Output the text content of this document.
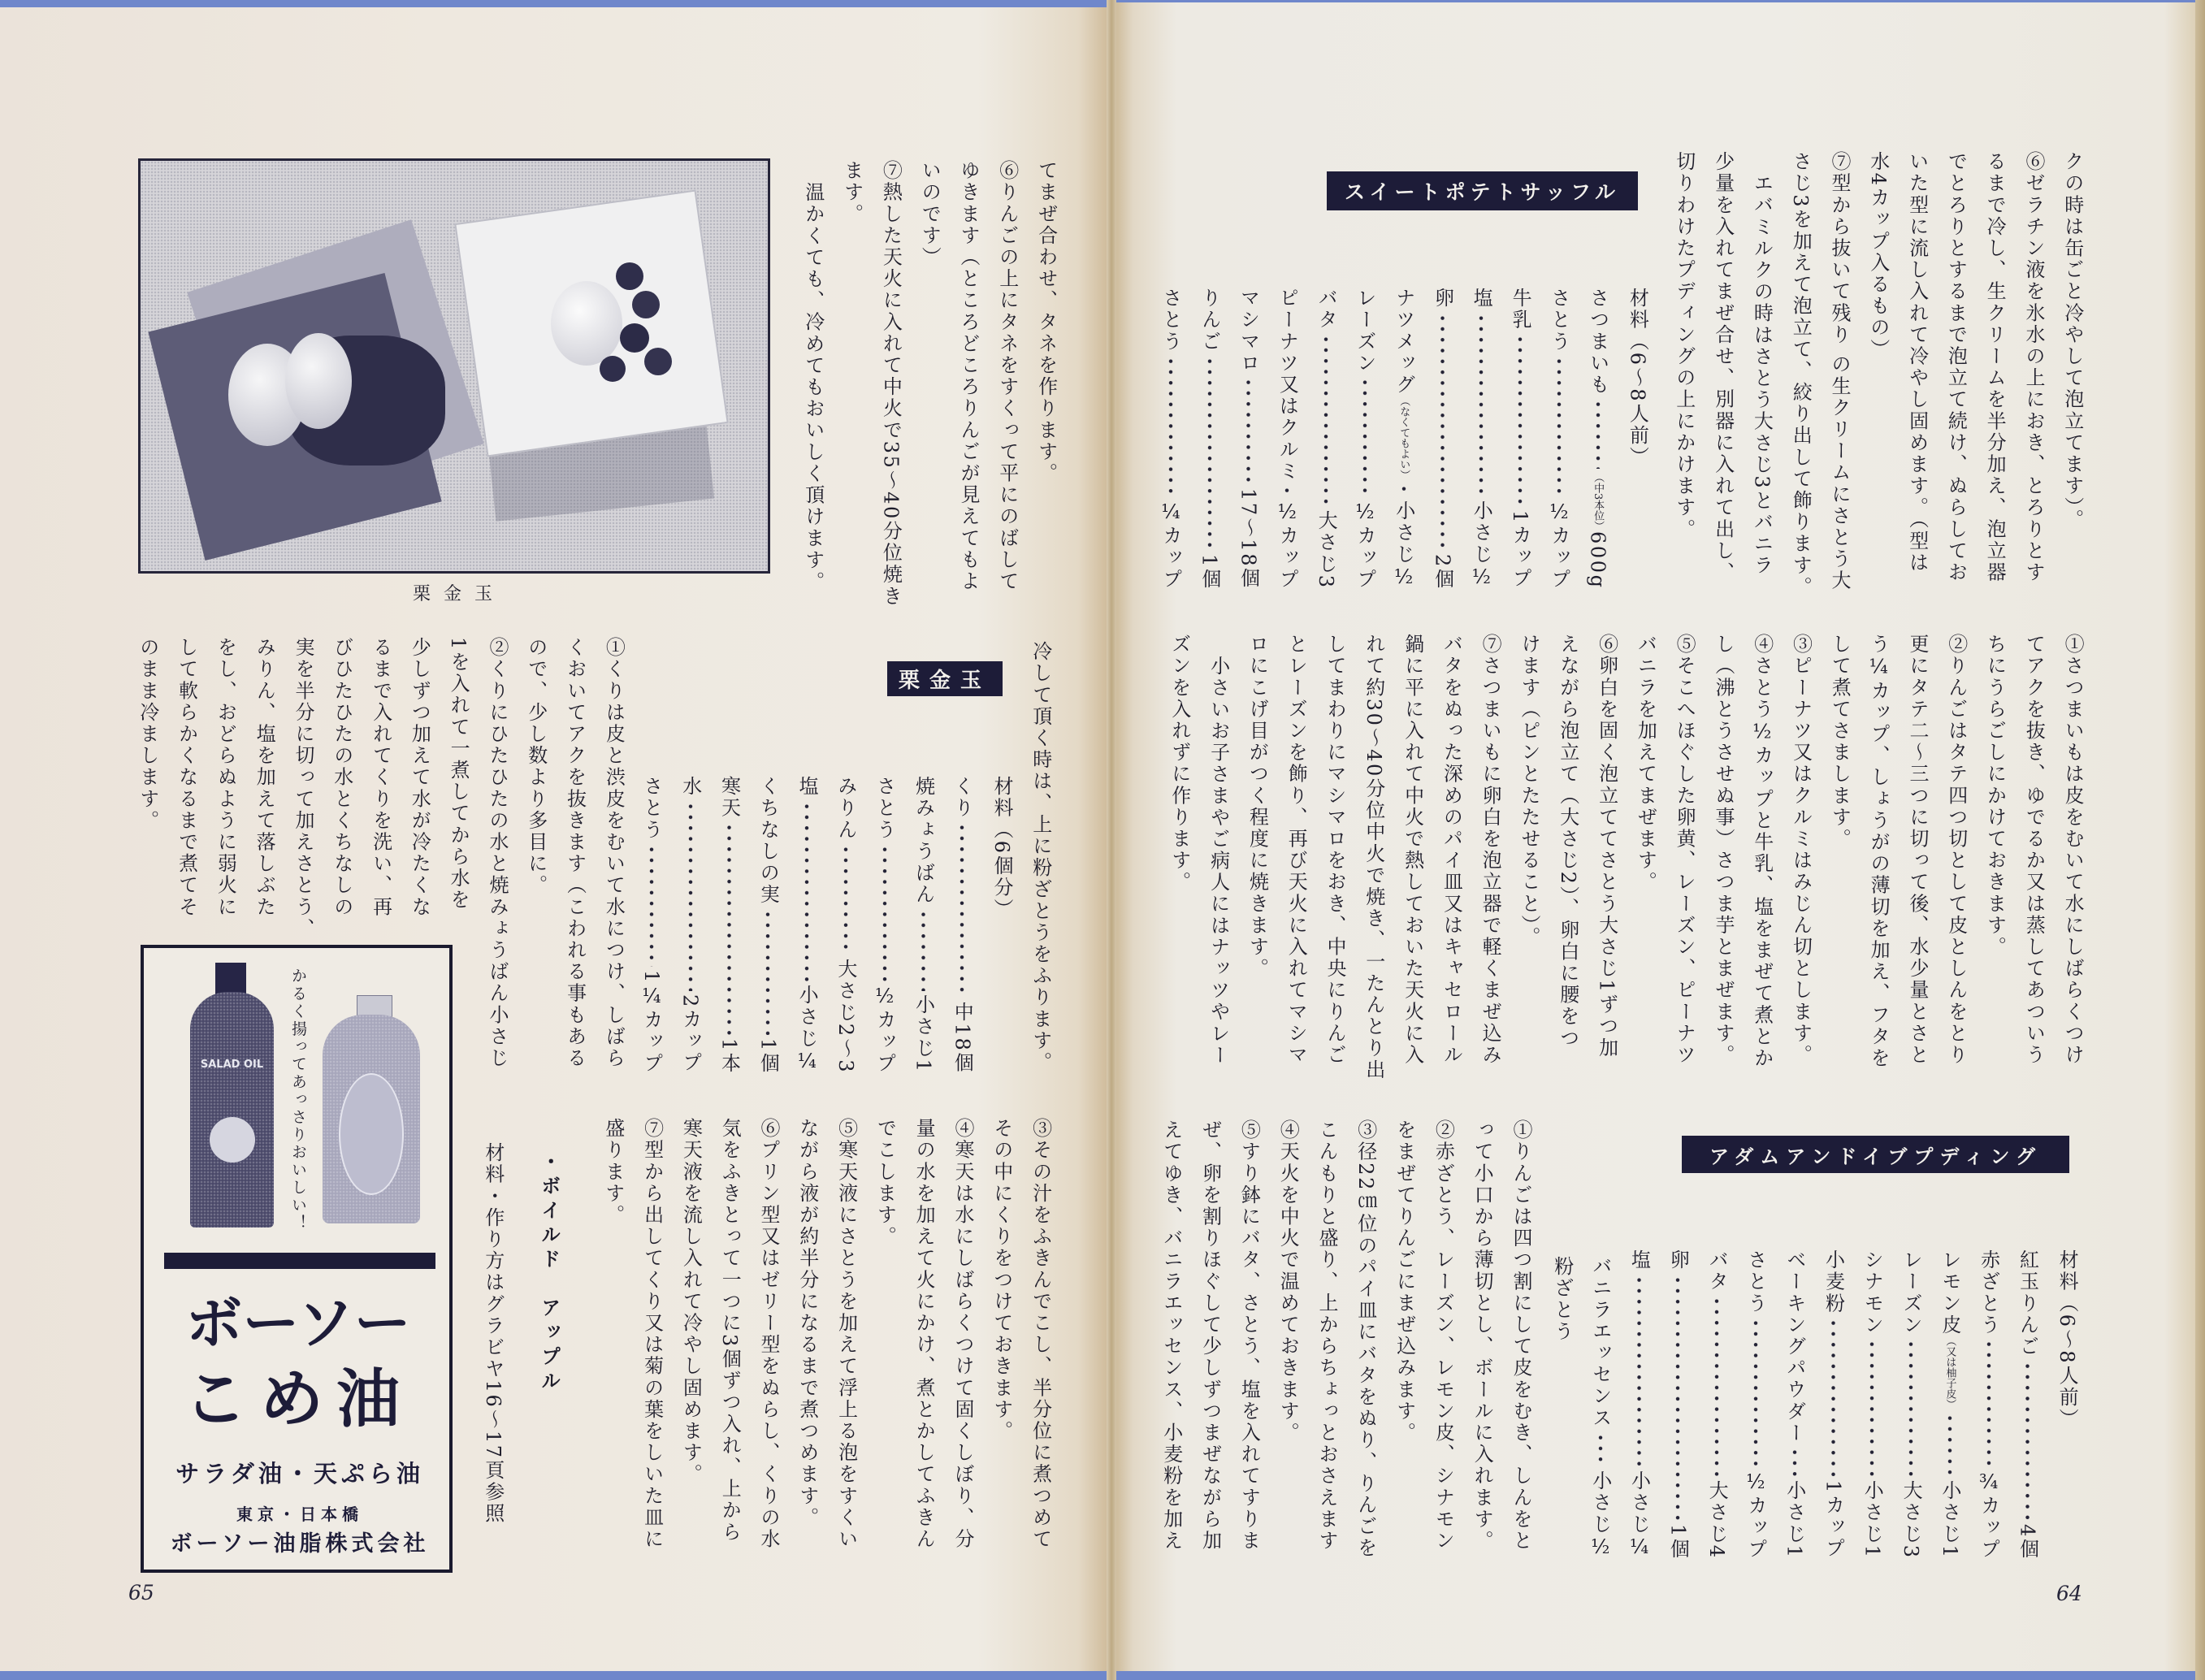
クの時は缶ごと冷やして泡立てます）。
⑥ゼラチン液を氷水の上におき、とろりとす
るまで冷し、生クリームを半分加え、泡立器
でとろりとするまで泡立て続け、ぬらしてお
いた型に流し入れて冷やし固めます。（型は
水4カップ入るもの）
⑦型から抜いて残り の生クリームにさとう大
さじ3を加えて泡立て、絞り出して飾ります。
エバミルクの時はさとう大さじ3とバニラ
少量を入れてまぜ合せ、別器に入れて出し、
切りわけたプディングの上にかけます。
スイートポテトサッフル
材料（6〜8人前）
さつまいも
（中3本位）
600g
さとう
½カップ
牛乳
1カップ
塩
小さじ½
卵
2個
ナツメッグ
（なくてもよい）
小さじ½
レーズン
½カップ
バタ
大さじ3
ピーナツ又はクルミ
½カップ
マシマロ
17〜18個
りんご
1個
さとう
¼カップ
①さつまいもは皮をむいて水にしばらくつけ
てアクを抜き、ゆでるか又は蒸してあついう
ちにうらごしにかけておきます。
②りんごはタテ四つ切として皮としんをとり
更にタテ二〜三つに切って後、水少量とさと
う¼カップ、しょうがの薄切を加え、フタを
して煮てさまします。
③ピーナツ又はクルミはみじん切とします。
④さとう½カップと牛乳、塩をまぜて煮とか
し（沸とうさせぬ事）さつま芋とまぜます。
⑤そこへほぐした卵黄、レーズン、ピーナツ
バニラを加えてまぜます。
⑥卵白を固く泡立ててさとう大さじ1ずつ加
えながら泡立て（大さじ2）、卵白に腰をつ
けます（ピンとたたせること）。
⑦さつまいもに卵白を泡立器で軽くまぜ込み
バタをぬった深めのパイ皿又はキャセロール
鍋に平に入れて中火で熱しておいた天火に入
れて約30〜40分位中火で焼き、一たんとり出
してまわりにマシマロをおき、中央にりんご
とレーズンを飾り、再び天火に入れてマシマ
ロにこげ目がつく程度に焼きます。
小さいお子さまやご病人にはナッツやレー
ズンを入れずに作ります。
アダムアンドイブプディング
材料（6〜8人前）
紅玉りんご
4個
赤ざとう
¾カップ
レモン皮
（又は柚子皮）
小さじ1
レーズン
大さじ3
シナモン
小さじ1
小麦粉
1カップ
ベーキングパウダー
小さじ1
さとう
½カップ
バタ
大さじ4
卵
1個
塩
小さじ¼
バニラエッセンス
小さじ½
粉ざとう
①りんごは四つ割にして皮をむき、しんをと
って小口から薄切とし、ボールに入れます。
②赤ざとう、レーズン、レモン皮、シナモン
をまぜてりんごにまぜ込みます。
③径22㎝位のパイ皿にバタをぬり、りんごを
こんもりと盛り、上からちょっとおさえます
④天火を中火で温めておきます。
⑤すり鉢にバタ、さとう、塩を入れてすりま
ぜ、卵を割りほぐして少しずつまぜながら加
えてゆき、バニラエッセンス、小麦粉を加え
64
てまぜ合わせ、タネを作ります。
⑥りんごの上にタネをすくって平にのばして
ゆきます（ところどころりんごが見えてもよ
いのです）
⑦熱した天火に入れて中火で35〜40分位焼き
ます。
温かくても、冷めてもおいしく頂けます。
栗金玉
冷して頂く時は、上に粉ざとうをふります。
栗金玉
材料（6個分）
くり
中18個
焼みょうばん
小さじ1
さとう
½カップ
みりん
大さじ2〜3
塩
小さじ¼
くちなしの実
1個
寒天
1本
水
2カップ
さとう
1¼カップ
①くりは皮と渋皮をむいて水につけ、しばら
くおいてアクを抜きます（こわれる事もある
ので、少し数より多目に。
②くりにひたひたの水と焼みょうばん小さじ
1を入れて一煮してから水を
少しずつ加えて水が冷たくな
るまで入れてくりを洗い、再
びひたひたの水とくちなしの
実を半分に切って加えさとう、
みりん、塩を加えて落しぶた
をし、おどらぬように弱火に
して軟らかくなるまで煮てそ
のまま冷まします。
③その汁をふきんでこし、半分位に煮つめて
その中にくりをつけておきます。
④寒天は水にしばらくつけて固くしぼり、分
量の水を加えて火にかけ、煮とかしてふきん
でこします。
⑤寒天液にさとうを加えて浮上る泡をすくい
ながら液が約半分になるまで煮つめます。
⑥プリン型又はゼリー型をぬらし、くりの水
気をふきとって一つに3個ずつ入れ、上から
寒天液を流し入れて冷やし固めます。
⑦型から出してくり又は菊の葉をしいた皿に
盛ります。
・ボイルド　アップル
材料・作り方はグラビヤ16〜17頁参照
SALAD OIL かるく揚ってあっさりおいしい！
ボーソー
こめ油
サラダ油・天ぷら油
東京・日本橋
ボーソー油脂株式会社
65
